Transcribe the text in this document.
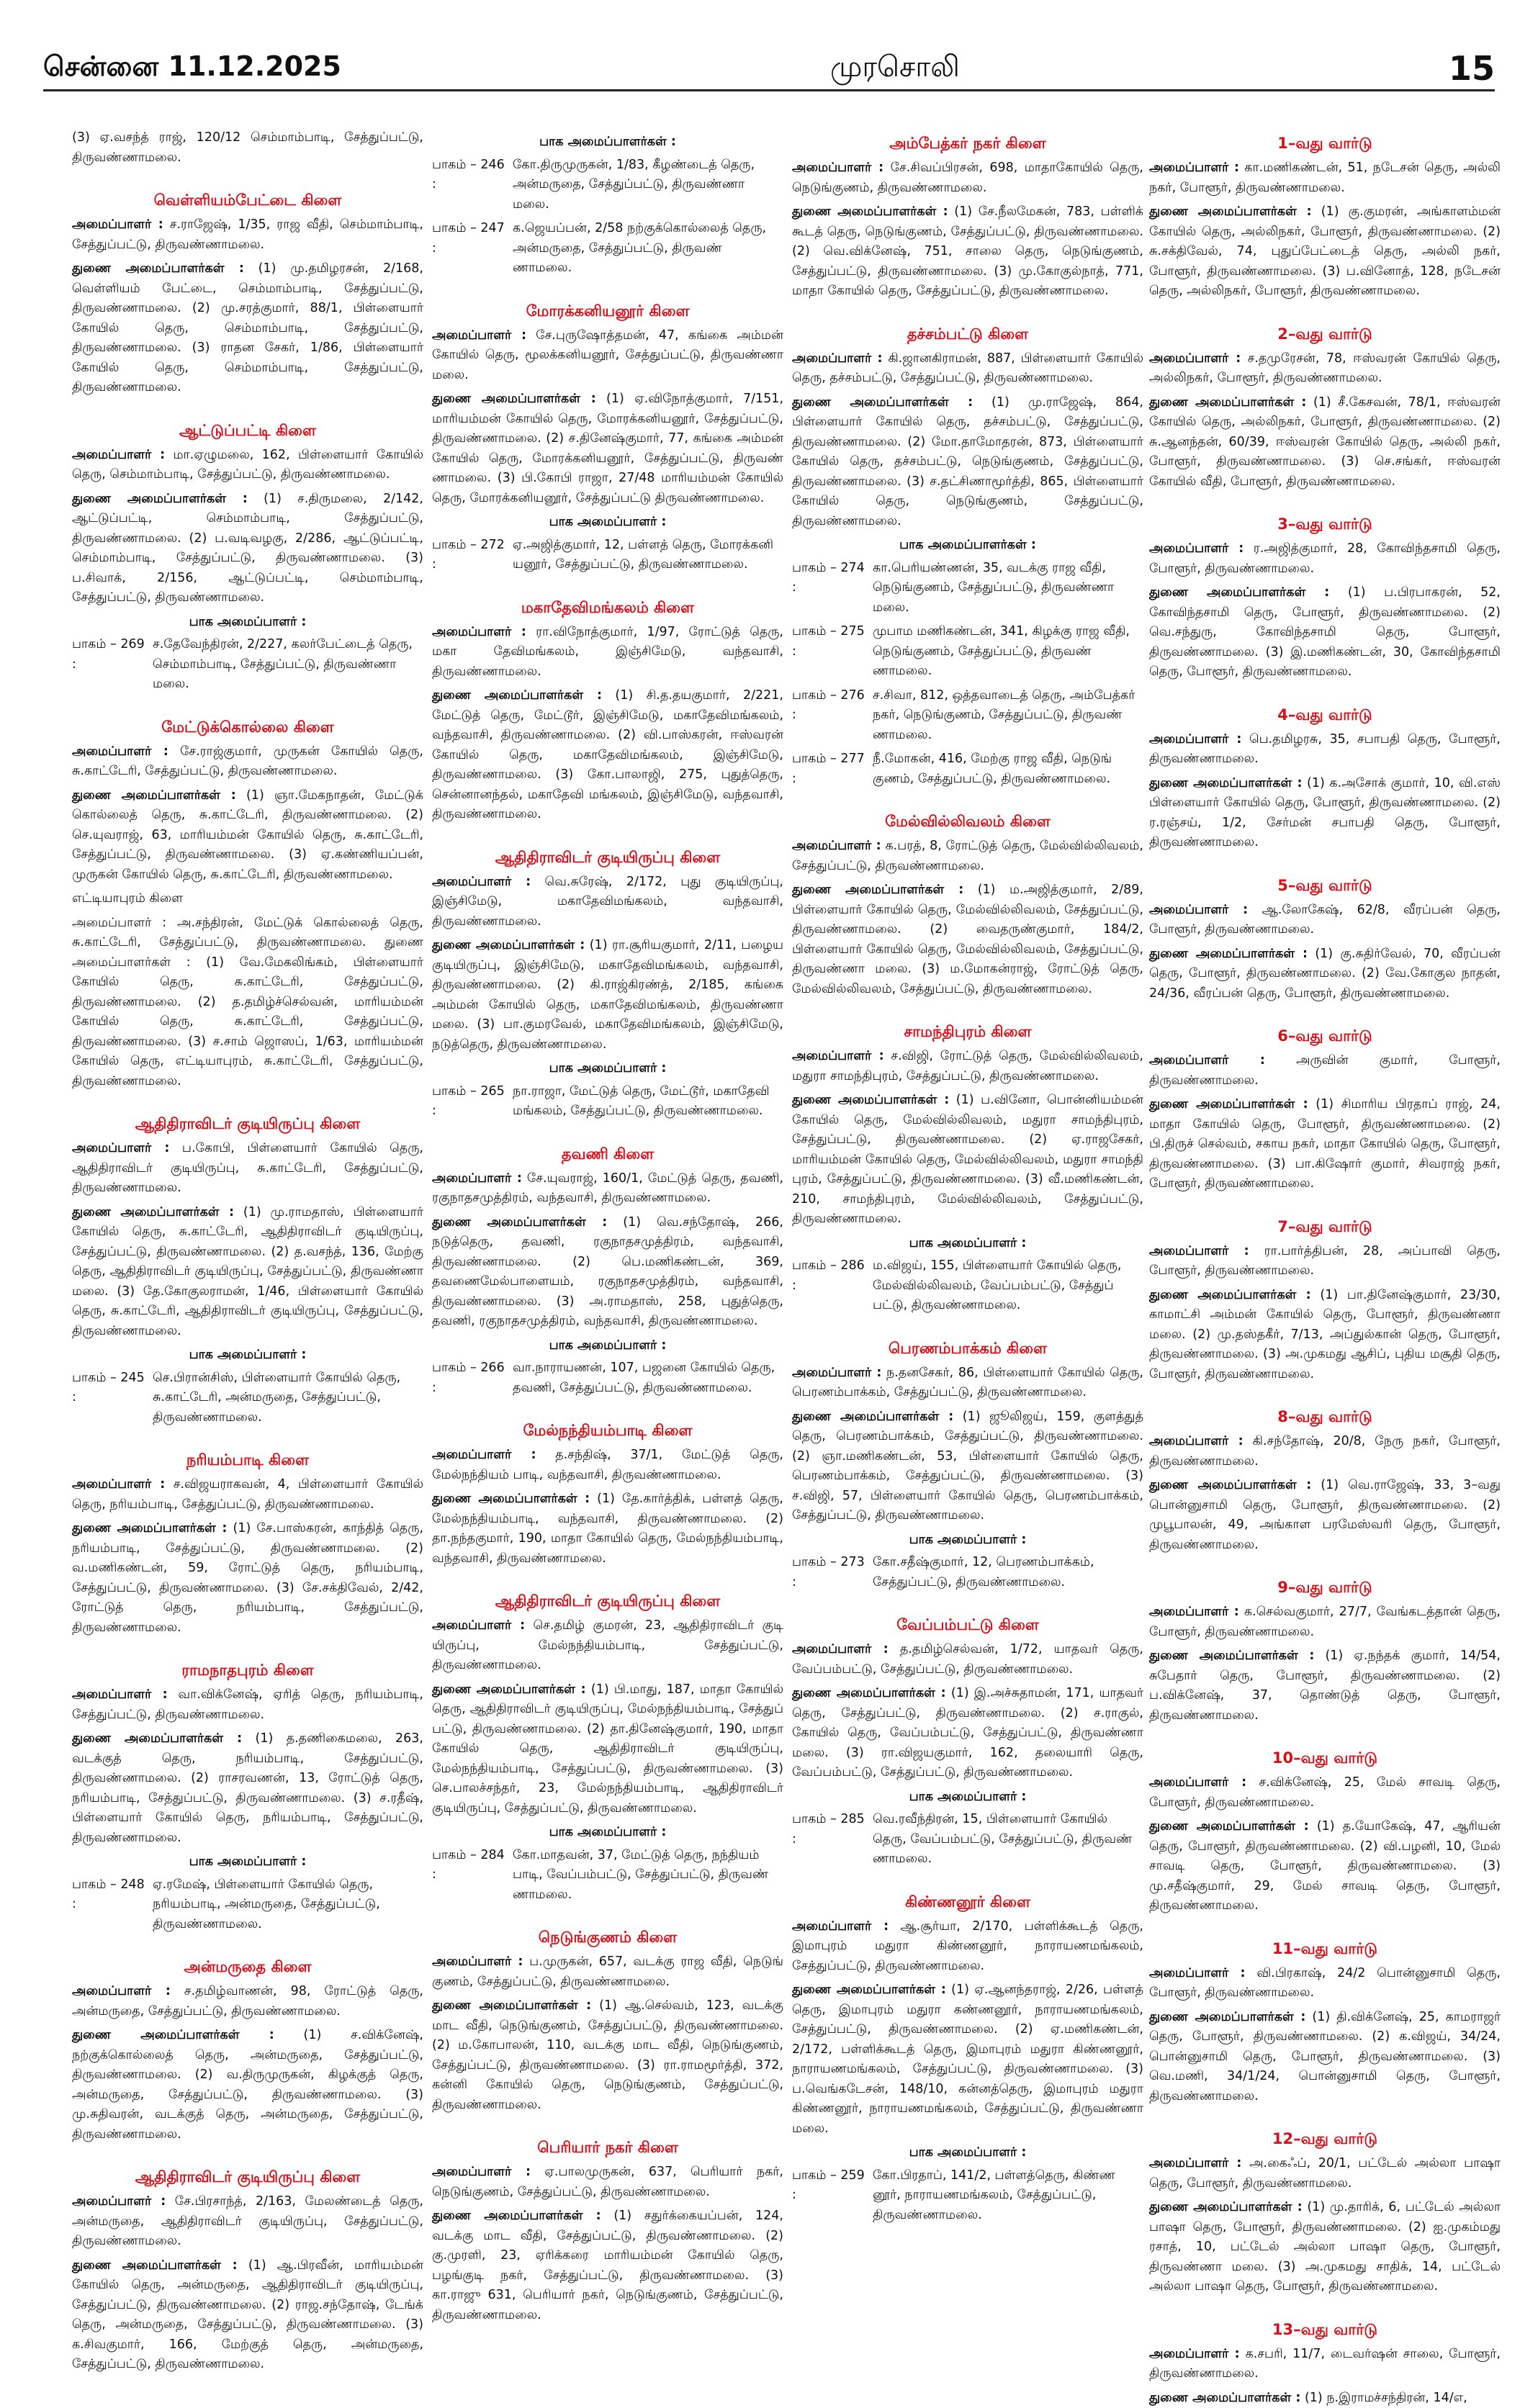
சென்னை 11.12.2025	முரசொலி	15

(3) ஏ.வசந்த் ராஜ், 120/12 செம்மாம்பாடி, சேத்துப்பட்டு, திருவண்ணாமலை.

வெள்ளியம்பேட்டை கிளை

அமைப்பாளர் : ச.ராஜேஷ், 1/35, ராஜ வீதி, செம்மாம்பாடி, சேத்துப்பட்டு, திருவண்ணாமலை.

துணை அமைப்பாளர்கள் : (1) மு.தமிழரசன், 2/168, வெள்ளியம் பேட்டை, செம்மாம்பாடி, சேத்துப்பட்டு, திருவண்ணாமலை. (2) மு.சரத்குமார், 88/1, பிள்ளையார் கோயில் தெரு, செம்மாம்பாடி, சேத்துப்பட்டு, திருவண்ணாமலை. (3) ராதன சேகர், 1/86, பிள்ளையார் கோயில் தெரு, செம்மாம்பாடி, சேத்துப்பட்டு, திருவண்ணாமலை.

ஆட்டுப்பட்டி கிளை

அமைப்பாளர் : மா.ஏழுமலை, 162, பிள்ளையார் கோயில் தெரு, செம்மாம்பாடி, சேத்துப்பட்டு, திருவண்ணாமலை.

துணை அமைப்பாளர்கள் : (1) ச.திருமலை, 2/142, ஆட்டுப்பட்டி, செம்மாம்பாடி, சேத்துப்பட்டு, திருவண்ணாமலை. (2) ப.வடிவழகு, 2/286, ஆட்டுப்பட்டி, செம்மாம்பாடி, சேத்துப்பட்டு, திருவண்ணாமலை. (3) ப.சிவாக், 2/156, ஆட்டுப்பட்டி, செம்மாம்பாடி, சேத்துப்பட்டு, திருவண்ணாமலை.

பாக அமைப்பாளர் :
பாகம் – 269 :
ச.தேவேந்திரன், 2/227, கலர்பேட்டைத் தெரு, செம்மாம்பாடி, சேத்துப்பட்டு, திருவண்ணா மலை.
மேட்டுக்கொல்லை கிளை

அமைப்பாளர் : சே.ராஜ்குமார், முருகன் கோயில் தெரு, சு.காட்டேரி, சேத்துப்பட்டு, திருவண்ணாமலை.

துணை அமைப்பாளர்கள் : (1) ஞா.மேகநாதன், மேட்டுக் கொல்லைத் தெரு, சு.காட்டேரி, திருவண்ணாமலை. (2) செ.யுவராஜ், 63, மாரியம்மன் கோயில் தெரு, சு.காட்டேரி, சேத்துப்பட்டு, திருவண்ணாமலை. (3) ஏ.கண்ணியப்பன், முருகன் கோயில் தெரு, சு.காட்டேரி, திருவண்ணாமலை.

எட்டியாபுரம் கிளை

அமைப்பாளர் : அ.சந்திரன், மேட்டுக் கொல்லைத் தெரு, சு.காட்டேரி, சேத்துப்பட்டு, திருவண்ணாமலை. துணை அமைப்பாளர்கள் : (1) வே.மேகலிங்கம், பிள்ளையார் கோயில் தெரு, சு.காட்டேரி, சேத்துப்பட்டு, திருவண்ணாமலை. (2) த.தமிழ்ச்செல்வன், மாரியம்மன் கோயில் தெரு, சு.காட்டேரி, சேத்துப்பட்டு, திருவண்ணாமலை. (3) ச.சாம் ஜொஸப், 1/63, மாரியம்மன் கோயில் தெரு, எட்டியாபுரம், சு.காட்டேரி, சேத்துப்பட்டு, திருவண்ணாமலை.

ஆதிதிராவிடர் குடியிருப்பு கிளை

அமைப்பாளர் : ப.கோபி, பிள்ளையார் கோயில் தெரு, ஆதிதிராவிடர் குடியிருப்பு, சு.காட்டேரி, சேத்துப்பட்டு, திருவண்ணாமலை.

துணை அமைப்பாளர்கள் : (1) மு.ராமதாஸ், பிள்ளையார் கோயில் தெரு, சு.காட்டேரி, ஆதிதிராவிடர் குடியிருப்பு, சேத்துப்பட்டு, திருவண்ணாமலை. (2) த.வசந்த், 136, மேற்கு தெரு, ஆதிதிராவிடர் குடியிருப்பு, சேத்துப்பட்டு, திருவண்ணா மலை. (3) தே.கோகுலராமன், 1/46, பிள்ளையார் கோயில் தெரு, சு.காட்டேரி, ஆதிதிராவிடர் குடியிருப்பு, சேத்துப்பட்டு, திருவண்ணாமலை.

பாக அமைப்பாளர் :
பாகம் – 245 :
செ.பிரான்சிஸ், பிள்ளையார் கோயில் தெரு, சு.காட்டேரி, அன்மருதை, சேத்துப்பட்டு, திருவண்ணாமலை.
நரியம்பாடி கிளை

அமைப்பாளர் : ச.விஜயராகவன், 4, பிள்ளையார் கோயில் தெரு, நரியம்பாடி, சேத்துப்பட்டு, திருவண்ணாமலை.

துணை அமைப்பாளர்கள் : (1) சே.பாஸ்கரன், காந்தித் தெரு, நரியம்பாடி, சேத்துப்பட்டு, திருவண்ணாமலை. (2) வ.மணிகண்டன், 59, ரோட்டுத் தெரு, நரியம்பாடி, சேத்துப்பட்டு, திருவண்ணாமலை. (3) சே.சக்திவேல், 2/42, ரோட்டுத் தெரு, நரியம்பாடி, சேத்துப்பட்டு, திருவண்ணாமலை.

ராமநாதபுரம் கிளை

அமைப்பாளர் : வா.விக்னேஷ், ஏரித் தெரு, நரியம்பாடி, சேத்துப்பட்டு, திருவண்ணாமலை.

துணை அமைப்பாளர்கள் : (1) த.தணிகைமலை, 263, வடக்குத் தெரு, நரியம்பாடி, சேத்துப்பட்டு, திருவண்ணாமலை. (2) ராசரவணன், 13, ரோட்டுத் தெரு, நரியம்பாடி, சேத்துப்பட்டு, திருவண்ணாமலை. (3) ச.ரதீஷ், பிள்ளையார் கோயில் தெரு, நரியம்பாடி, சேத்துப்பட்டு, திருவண்ணாமலை.

பாக அமைப்பாளர் :
பாகம் – 248 :
ஏ.ரமேஷ், பிள்ளையார் கோயில் தெரு, நரியம்பாடி, அன்மருதை, சேத்துப்பட்டு, திருவண்ணாமலை.
அன்மருதை கிளை

அமைப்பாளர் : ச.தமிழ்வாணன், 98, ரோட்டுத் தெரு, அன்மருதை, சேத்துப்பட்டு, திருவண்ணாமலை.

துணை அமைப்பாளர்கள் : (1) ச.விக்னேஷ், நற்குக்கொல்லைத் தெரு, அன்மருதை, சேத்துப்பட்டு, திருவண்ணாமலை. (2) வ.திருமுருகன், கிழக்குத் தெரு, அன்மருதை, சேத்துப்பட்டு, திருவண்ணாமலை. (3) மு.சுதிவரன், வடக்குத் தெரு, அன்மருதை, சேத்துப்பட்டு, திருவண்ணாமலை.

ஆதிதிராவிடர் குடியிருப்பு கிளை

அமைப்பாளர் : சே.பிரசாந்த், 2/163, மேலண்டைத் தெரு, அன்மருதை, ஆதிதிராவிடர் குடியிருப்பு, சேத்துப்பட்டு, திருவண்ணாமலை.

துணை அமைப்பாளர்கள் : (1) ஆ.பிரவீன், மாரியம்மன் கோயில் தெரு, அன்மருதை, ஆதிதிராவிடர் குடியிருப்பு, சேத்துப்பட்டு, திருவண்ணாமலை. (2) ராஜ.சந்தோஷ், டேங்க் தெரு, அன்மருதை, சேத்துப்பட்டு, திருவண்ணாமலை. (3) க.சிவகுமார், 166, மேற்குத் தெரு, அன்மருதை, சேத்துப்பட்டு, திருவண்ணாமலை.

பாக அமைப்பாளர்கள் :
பாகம் – 246 :
கோ.திருமுருகன், 1/83, கீழண்டைத் தெரு, அன்மருதை, சேத்துப்பட்டு, திருவண்ணா மலை.
பாகம் – 247 :
க.ஜெயப்பன், 2/58 நற்குக்கொல்லைத் தெரு, அன்மருதை, சேத்துப்பட்டு, திருவண் ணாமலை.
மோரக்கனியனூர் கிளை

அமைப்பாளர் : சே.புருஷோத்தமன், 47, கங்கை அம்மன் கோயில் தெரு, மூலக்கனியனூர், சேத்துப்பட்டு, திருவண்ணா மலை.

துணை அமைப்பாளர்கள் : (1) ஏ.விநோத்குமார், 7/151, மாரியம்மன் கோயில் தெரு, மோரக்கனியனூர், சேத்துப்பட்டு, திருவண்ணாமலை. (2) ச.தினேஷ்குமார், 77, கங்கை அம்மன் கோயில் தெரு, மோரக்கனியனூர், சேத்துப்பட்டு, திருவண் ணாமலை. (3) பி.கோபி ராஜா, 27/48 மாரியம்மன் கோயில் தெரு, மோரக்கனியனூர், சேத்துப்பட்டு திருவண்ணாமலை.

பாக அமைப்பாளர் :
பாகம் – 272 :
ஏ.அஜித்குமார், 12, பள்ளத் தெரு, மோரக்கனி யனூர், சேத்துப்பட்டு, திருவண்ணாமலை.
மகாதேவிமங்கலம் கிளை

அமைப்பாளர் : ரா.விநோத்குமார், 1/97, ரோட்டுத் தெரு, மகா தேவிமங்கலம், இஞ்சிமேடு, வந்தவாசி, திருவண்ணாமலை.

துணை அமைப்பாளர்கள் : (1) சி.த.தயகுமார், 2/221, மேட்டுத் தெரு, மேட்டூர், இஞ்சிமேடு, மகாதேவிமங்கலம், வந்தவாசி, திருவண்ணாமலை. (2) வி.பாஸ்கரன், ஈஸ்வரன் கோயில் தெரு, மகாதேவிமங்கலம், இஞ்சிமேடு, திருவண்ணாமலை. (3) கோ.பாலாஜி, 275, புதுத்தெரு, சென்னானந்தல், மகாதேவி மங்கலம், இஞ்சிமேடு, வந்தவாசி, திருவண்ணாமலை.

ஆதிதிராவிடர் குடியிருப்பு கிளை

அமைப்பாளர் : வெ.சுரேஷ், 2/172, புது குடியிருப்பு, இஞ்சிமேடு, மகாதேவிமங்கலம், வந்தவாசி, திருவண்ணாமலை.

துணை அமைப்பாளர்கள் : (1) ரா.சூரியகுமார், 2/11, பழைய குடியிருப்பு, இஞ்சிமேடு, மகாதேவிமங்கலம், வந்தவாசி, திருவண்ணாமலை. (2) கி.ராஜ்கிரண்த், 2/185, கங்கை அம்மன் கோயில் தெரு, மகாதேவிமங்கலம், திருவண்ணா மலை. (3) பா.குமரவேல், மகாதேவிமங்கலம், இஞ்சிமேடு, நடுத்தெரு, திருவண்ணாமலை.

பாக அமைப்பாளர் :
பாகம் – 265 :
நா.ராஜா, மேட்டுத் தெரு, மேட்டூர், மகாதேவி மங்கலம், சேத்துப்பட்டு, திருவண்ணாமலை.
தவணி கிளை

அமைப்பாளர் : சே.யுவராஜ், 160/1, மேட்டுத் தெரு, தவணி, ரகுநாதசமுத்திரம், வந்தவாசி, திருவண்ணாமலை.

துணை அமைப்பாளர்கள் : (1) வெ.சந்தோஷ், 266, நடுத்தெரு, தவணி, ரகுநாதசமுத்திரம், வந்தவாசி, திருவண்ணாமலை. (2) பெ.மணிகண்டன், 369, தவணைமேல்பாளையம், ரகுநாதசமுத்திரம், வந்தவாசி, திருவண்ணாமலை. (3) அ.ராமதாஸ், 258, புதுத்தெரு, தவணி, ரகுநாதசமுத்திரம், வந்தவாசி, திருவண்ணாமலை.

பாக அமைப்பாளர் :
பாகம் – 266 :
வா.நாராயணன், 107, பஜனை கோயில் தெரு, தவணி, சேத்துப்பட்டு, திருவண்ணாமலை.
மேல்நந்தியம்பாடி கிளை

அமைப்பாளர் : த.சந்திஷ், 37/1, மேட்டுத் தெரு, மேல்நந்தியம் பாடி, வந்தவாசி, திருவண்ணாமலை.

துணை அமைப்பாளர்கள் : (1) தே.கார்த்திக், பள்ளத் தெரு, மேல்நந்தியம்பாடி, வந்தவாசி, திருவண்ணாமலை. (2) தா.நந்தகுமார், 190, மாதா கோயில் தெரு, மேல்நந்தியம்பாடி, வந்தவாசி, திருவண்ணாமலை.

ஆதிதிராவிடர் குடியிருப்பு கிளை

அமைப்பாளர் : செ.தமிழ் குமரன், 23, ஆதிதிராவிடர் குடி யிருப்பு, மேல்நந்தியம்பாடி, சேத்துப்பட்டு, திருவண்ணாமலை.

துணை அமைப்பாளர்கள் : (1) பி.மாது, 187, மாதா கோயில் தெரு, ஆதிதிராவிடர் குடியிருப்பு, மேல்நந்தியம்பாடி, சேத்துப் பட்டு, திருவண்ணாமலை. (2) தா.தினேஷ்குமார், 190, மாதா கோயில் தெரு, ஆதிதிராவிடர் குடியிருப்பு, மேல்நந்தியம்பாடி, சேத்துப்பட்டு, திருவண்ணாமலை. (3) செ.பாலச்சந்தர், 23, மேல்நந்தியம்பாடி, ஆதிதிராவிடர் குடியிருப்பு, சேத்துப்பட்டு, திருவண்ணாமலை.

பாக அமைப்பாளர் :
பாகம் – 284 :
கோ.மாதவன், 37, மேட்டுத் தெரு, நந்தியம் பாடி, வேப்பம்பட்டு, சேத்துப்பட்டு, திருவண் ணாமலை.
நெடுங்குணம் கிளை

அமைப்பாளர் : ப.முருகன், 657, வடக்கு ராஜ வீதி, நெடுங் குணம், சேத்துப்பட்டு, திருவண்ணாமலை.

துணை அமைப்பாளர்கள் : (1) ஆ.செல்வம், 123, வடக்கு மாட வீதி, நெடுங்குணம், சேத்துப்பட்டு, திருவண்ணாமலை. (2) ம.கோபாலன், 110, வடக்கு மாட வீதி, நெடுங்குணம், சேத்துப்பட்டு, திருவண்ணாமலை. (3) ரா.ராமமூர்த்தி, 372, கன்னி கோயில் தெரு, நெடுங்குணம், சேத்துப்பட்டு, திருவண்ணாமலை.

பெரியார் நகர் கிளை

அமைப்பாளர் : ஏ.பாலமுருகன், 637, பெரியார் நகர், நெடுங்குணம், சேத்துப்பட்டு, திருவண்ணாமலை.

துணை அமைப்பாளர்கள் : (1) சதுர்க்கையப்பன், 124, வடக்கு மாட வீதி, சேத்துப்பட்டு, திருவண்ணாமலை. (2) கு.முரளி, 23, ஏரிக்கரை மாரியம்மன் கோயில் தெரு, பழங்குடி நகர், சேத்துப்பட்டு, திருவண்ணாமலை. (3) கா.ராஜு 631, பெரியார் நகர், நெடுங்குணம், சேத்துப்பட்டு, திருவண்ணாமலை.

அம்பேத்கர் நகர் கிளை

அமைப்பாளர் : சே.சிவப்பிரசன், 698, மாதாகோயில் தெரு, நெடுங்குணம், திருவண்ணாமலை.

துணை அமைப்பாளர்கள் : (1) சே.நீலமேகன், 783, பள்ளிக் கூடத் தெரு, நெடுங்குணம், சேத்துப்பட்டு, திருவண்ணாமலை. (2) வெ.விக்னேஷ், 751, சாலை தெரு, நெடுங்குணம், சேத்துப்பட்டு, திருவண்ணாமலை. (3) மு.கோகுல்நாத், 771, மாதா கோயில் தெரு, சேத்துப்பட்டு, திருவண்ணாமலை.

தச்சம்பட்டு கிளை

அமைப்பாளர் : கி.ஜானகிராமன், 887, பிள்ளையார் கோயில் தெரு, தச்சம்பட்டு, சேத்துப்பட்டு, திருவண்ணாமலை.

துணை அமைப்பாளர்கள் : (1) மு.ராஜேஷ், 864, பிள்ளையார் கோயில் தெரு, தச்சம்பட்டு, சேத்துப்பட்டு, திருவண்ணாமலை. (2) மோ.தாமோதரன், 873, பிள்ளையார் கோயில் தெரு, தச்சம்பட்டு, நெடுங்குணம், சேத்துப்பட்டு, திருவண்ணாமலை. (3) ச.தட்சிணாமூர்த்தி, 865, பிள்ளையார் கோயில் தெரு, நெடுங்குணம், சேத்துப்பட்டு, திருவண்ணாமலை.

பாக அமைப்பாளர்கள் :
பாகம் – 274 :
கா.பெரியண்ணன், 35, வடக்கு ராஜ வீதி, நெடுங்குணம், சேத்துப்பட்டு, திருவண்ணா மலை.
பாகம் – 275 :
முபாம மணிகண்டன், 341, கிழக்கு ராஜ வீதி, நெடுங்குணம், சேத்துப்பட்டு, திருவண் ணாமலை.
பாகம் – 276 :
ச.சிவா, 812, ஒத்தவாடைத் தெரு, அம்பேத்கர் நகர், நெடுங்குணம், சேத்துப்பட்டு, திருவண் ணாமலை.
பாகம் – 277 :
நீ.மோகன், 416, மேற்கு ராஜ வீதி, நெடுங் குணம், சேத்துப்பட்டு, திருவண்ணாமலை.
மேல்வில்லிவலம் கிளை

அமைப்பாளர் : க.பரத், 8, ரோட்டுத் தெரு, மேல்வில்லிவலம், சேத்துப்பட்டு, திருவண்ணாமலை.

துணை அமைப்பாளர்கள் : (1) ம.அஜித்குமார், 2/89, பிள்ளையார் கோயில் தெரு, மேல்வில்லிவலம், சேத்துப்பட்டு, திருவண்ணாமலை. (2) வைதருண்குமார், 184/2, பிள்ளையார் கோயில் தெரு, மேல்வில்லிவலம், சேத்துப்பட்டு, திருவண்ணா மலை. (3) ம.மோகன்ராஜ், ரோட்டுத் தெரு, மேல்வில்லிவலம், சேத்துப்பட்டு, திருவண்ணாமலை.

சாமந்திபுரம் கிளை

அமைப்பாளர் : ச.விஜி, ரோட்டுத் தெரு, மேல்வில்லிவலம், மதுரா சாமந்திபுரம், சேத்துப்பட்டு, திருவண்ணாமலை.

துணை அமைப்பாளர்கள் : (1) ப.வினோ, பொன்னியம்மன் கோயில் தெரு, மேல்வில்லிவலம், மதுரா சாமந்திபுரம், சேத்துப்பட்டு, திருவண்ணாமலை. (2) ஏ.ராஜசேகர், மாரியம்மன் கோயில் தெரு, மேல்வில்லிவலம், மதுரா சாமந்தி புரம், சேத்துப்பட்டு, திருவண்ணாமலை. (3) வீ.மணிகண்டன், 210, சாமந்திபுரம், மேல்வில்லிவலம், சேத்துப்பட்டு, திருவண்ணாமலை.

பாக அமைப்பாளர் :
பாகம் – 286 :
ம.விஜய், 155, பிள்ளையார் கோயில் தெரு, மேல்வில்லிவலம், வேப்பம்பட்டு, சேத்துப் பட்டு, திருவண்ணாமலை.
பெரணம்பாக்கம் கிளை

அமைப்பாளர் : ந.தனசேகர், 86, பிள்ளையார் கோயில் தெரு, பெரணம்பாக்கம், சேத்துப்பட்டு, திருவண்ணாமலை.

துணை அமைப்பாளர்கள் : (1) ஜூலிஜய், 159, குளத்துத் தெரு, பெரணம்பாக்கம், சேத்துப்பட்டு, திருவண்ணாமலை. (2) ஞா.மணிகண்டன், 53, பிள்ளையார் கோயில் தெரு, பெரணம்பாக்கம், சேத்துப்பட்டு, திருவண்ணாமலை. (3) ச.விஜி, 57, பிள்ளையார் கோயில் தெரு, பெரணம்பாக்கம், சேத்துப்பட்டு, திருவண்ணாமலை.

பாக அமைப்பாளர் :
பாகம் – 273 :
கோ.சதீஷ்குமார், 12, பெரணம்பாக்கம், சேத்துப்பட்டு, திருவண்ணாமலை.
வேப்பம்பட்டு கிளை

அமைப்பாளர் : த.தமிழ்செல்வன், 1/72, யாதவர் தெரு, வேப்பம்பட்டு, சேத்துப்பட்டு, திருவண்ணாமலை.

துணை அமைப்பாளர்கள் : (1) இ.அச்சுதாமன், 171, யாதவர் தெரு, சேத்துப்பட்டு, திருவண்ணாமலை. (2) ச.ராகுல், கோயில் தெரு, வேப்பம்பட்டு, சேத்துப்பட்டு, திருவண்ணா மலை. (3) ரா.விஜயகுமார், 162, தலையாரி தெரு, வேப்பம்பட்டு, சேத்துப்பட்டு, திருவண்ணாமலை.

பாக அமைப்பாளர் :
பாகம் – 285 :
வெ.ரவீந்திரன், 15, பிள்ளையார் கோயில் தெரு, வேப்பம்பட்டு, சேத்துப்பட்டு, திருவண் ணாமலை.
கிண்ணனூர் கிளை

அமைப்பாளர் : ஆ.சூர்யா, 2/170, பள்ளிக்கூடத் தெரு, இமாபுரம் மதுரா கிண்ணனூர், நாராயணமங்கலம், சேத்துப்பட்டு, திருவண்ணாமலை.

துணை அமைப்பாளர்கள் : (1) ஏ.ஆனந்தராஜ், 2/26, பள்ளத் தெரு, இமாபுரம் மதுரா கண்ணனூர், நாராயணமங்கலம், சேத்துப்பட்டு, திருவண்ணாமலை. (2) ஏ.மணிகண்டன், 2/172, பள்ளிக்கூடத் தெரு, இமாபுரம் மதுரா கிண்ணனூர், நாராயணமங்கலம், சேத்துப்பட்டு, திருவண்ணாமலை. (3) ப.வெங்கடேசன், 148/10, கன்னத்தெரு, இமாபுரம் மதுரா கிண்ணனூர், நாராயணமங்கலம், சேத்துப்பட்டு, திருவண்ணா மலை.

பாக அமைப்பாளர் :
பாகம் – 259 :
கோ.பிரதாப், 141/2, பள்ளத்தெரு, கிண்ண னூர், நாராயணமங்கலம், சேத்துப்பட்டு, திருவண்ணாமலை.
1–வது வார்டு

அமைப்பாளர் : கா.மணிகண்டன், 51, நடேசன் தெரு, அல்லி நகர், போளூர், திருவண்ணாமலை.

துணை அமைப்பாளர்கள் : (1) கு.குமரன், அங்காளம்மன் கோயில் தெரு, அல்லிநகர், போளூர், திருவண்ணாமலை. (2) சு.சக்திவேல், 74, புதுப்பேட்டைத் தெரு, அல்லி நகர், போளூர், திருவண்ணாமலை. (3) ப.வினோத், 128, நடேசன் தெரு, அல்லிநகர், போளூர், திருவண்ணாமலை.

2–வது வார்டு

அமைப்பாளர் : ச.தமுரேசன், 78, ஈஸ்வரன் கோயில் தெரு, அல்லிநகர், போளூர், திருவண்ணாமலை.

துணை அமைப்பாளர்கள் : (1) சீ.கேசவன், 78/1, ஈஸ்வரன் கோயில் தெரு, அல்லிநகர், போளூர், திருவண்ணாமலை. (2) சு.ஆனந்தன், 60/39, ஈஸ்வரன் கோயில் தெரு, அல்லி நகர், போளூர், திருவண்ணாமலை. (3) செ.சங்கர், ஈஸ்வரன் கோயில் வீதி, போளூர், திருவண்ணாமலை.

3–வது வார்டு

அமைப்பாளர் : ர.அஜித்குமார், 28, கோவிந்தசாமி தெரு, போளூர், திருவண்ணாமலை.

துணை அமைப்பாளர்கள் : (1) ப.பிரபாகரன், 52, கோவிந்தசாமி தெரு, போளூர், திருவண்ணாமலை. (2) வெ.சந்துரு, கோவிந்தசாமி தெரு, போளூர், திருவண்ணாமலை. (3) இ.மணிகண்டன், 30, கோவிந்தசாமி தெரு, போளூர், திருவண்ணாமலை.

4–வது வார்டு

அமைப்பாளர் : பெ.தமிழரசு, 35, சபாபதி தெரு, போளூர், திருவண்ணாமலை.

துணை அமைப்பாளர்கள் : (1) க.அசோக் குமார், 10, வி.எஸ் பிள்ளையார் கோயில் தெரு, போளூர், திருவண்ணாமலை. (2) ர.ரஞ்சய், 1/2, சேர்மன் சபாபதி தெரு, போளூர், திருவண்ணாமலை.

5–வது வார்டு

அமைப்பாளர் : ஆ.லோகேஷ், 62/8, வீரப்பன் தெரு, போளூர், திருவண்ணாமலை.

துணை அமைப்பாளர்கள் : (1) கு.சுதிர்வேல், 70, வீரப்பன் தெரு, போளூர், திருவண்ணாமலை. (2) வே.கோகுல நாதன், 24/36, வீரப்பன் தெரு, போளூர், திருவண்ணாமலை.

6–வது வார்டு

அமைப்பாளர் : அருவின் குமார், போளூர், திருவண்ணாமலை.

துணை அமைப்பாளர்கள் : (1) சிமாரிய பிரதாப் ராஜ், 24, மாதா கோயில் தெரு, போளூர், திருவண்ணாமலை. (2) பி.திருச் செல்வம், சகாய நகர், மாதா கோயில் தெரு, போளூர், திருவண்ணாமலை. (3) பா.கிஷோர் குமார், சிவராஜ் நகர், போளூர், திருவண்ணாமலை.

7–வது வார்டு

அமைப்பாளர் : ரா.பார்த்திபன், 28, அப்பாவி தெரு, போளூர், திருவண்ணாமலை.

துணை அமைப்பாளர்கள் : (1) பா.தினேஷ்குமார், 23/30, காமாட்சி அம்மன் கோயில் தெரு, போளூர், திருவண்ணா மலை. (2) மு.தஸ்தகீர், 7/13, அப்துல்கான் தெரு, போளூர், திருவண்ணாமலை. (3) அ.முகமது ஆசிப், புதிய மசூதி தெரு, போளூர், திருவண்ணாமலை.

8–வது வார்டு

அமைப்பாளர் : கி.சந்தோஷ், 20/8, நேரு நகர், போளூர், திருவண்ணாமலை.

துணை அமைப்பாளர்கள் : (1) வெ.ராஜேஷ், 33, 3–வது பொன்னுசாமி தெரு, போளூர், திருவண்ணாமலை. (2) முபூபாலன், 49, அங்காள பரமேஸ்வரி தெரு, போளூர், திருவண்ணாமலை.

9–வது வார்டு

அமைப்பாளர் : க.செல்வகுமார், 27/7, வேங்கடத்தான் தெரு, போளூர், திருவண்ணாமலை.

துணை அமைப்பாளர்கள் : (1) ஏ.நந்தக் குமார், 14/54, சுபேதார் தெரு, போளூர், திருவண்ணாமலை. (2) ப.விக்னேஷ், 37, தொண்டுத் தெரு, போளூர், திருவண்ணாமலை.

10–வது வார்டு

அமைப்பாளர் : ச.விக்னேஷ், 25, மேல் சாவடி தெரு, போளூர், திருவண்ணாமலை.

துணை அமைப்பாளர்கள் : (1) த.யோகேஷ், 47, ஆரியன் தெரு, போளூர், திருவண்ணாமலை. (2) வி.பழனி, 10, மேல் சாவடி தெரு, போளூர், திருவண்ணாமலை. (3) மு.சதீஷ்குமார், 29, மேல் சாவடி தெரு, போளூர், திருவண்ணாமலை.

11–வது வார்டு

அமைப்பாளர் : வி.பிரகாஷ், 24/2 பொன்னுசாமி தெரு, போளூர், திருவண்ணாமலை.

துணை அமைப்பாளர்கள் : (1) தி.விக்னேஷ், 25, காமராஜர் தெரு, போளூர், திருவண்ணாமலை. (2) க.விஜய், 34/24, பொன்னுசாமி தெரு, போளூர், திருவண்ணாமலை. (3) வெ.மணி, 34/1/24, பொன்னுசாமி தெரு, போளூர், திருவண்ணாமலை.

12–வது வார்டு

அமைப்பாளர் : அ.கைஃப், 20/1, பட்டேல் அல்லா பாஷா தெரு, போளூர், திருவண்ணாமலை.

துணை அமைப்பாளர்கள் : (1) மு.தாரிக், 6, பட்டேல் அல்லா பாஷா தெரு, போளூர், திருவண்ணாமலை. (2) ஐ.முகம்மது ரசாத், 10, பட்டேல் அல்லா பாஷா தெரு, போளூர், திருவண்ணா மலை. (3) அ.முகமது சாதிக், 14, பட்டேல் அல்லா பாஷா தெரு, போளூர், திருவண்ணாமலை.

13–வது வார்டு

அமைப்பாளர் : க.சபரி, 11/7, டைவர்ஷன் சாலை, போளூர், திருவண்ணாமலை.

துணை அமைப்பாளர்கள் : (1) ந.இராமச்சந்திரன், 14/எ,
